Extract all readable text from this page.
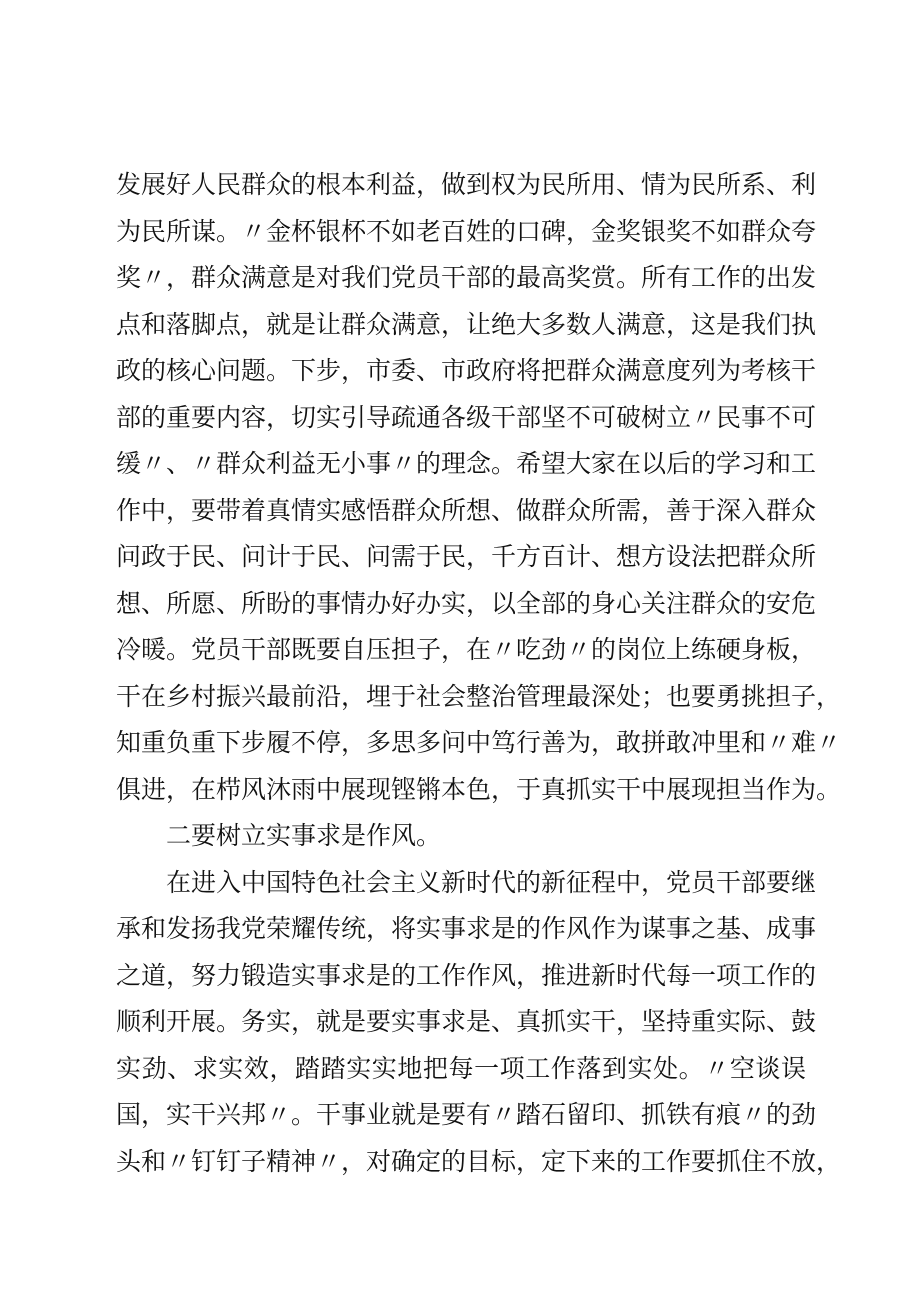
发展好人民群众的根本利益，做到权为民所用、情为民所系、利
为民所谋。〃金杯银杯不如老百姓的口碑，金奖银奖不如群众夸
奖〃，群众满意是对我们党员干部的最高奖赏。所有工作的出发
点和落脚点，就是让群众满意，让绝大多数人满意，这是我们执
政的核心问题。下步，市委、市政府将把群众满意度列为考核干
部的重要内容，切实引导疏通各级干部坚不可破树立〃民事不可
缓〃、〃群众利益无小事〃的理念。希望大家在以后的学习和工
作中，要带着真情实感悟群众所想、做群众所需，善于深入群众
问政于民、问计于民、问需于民，千方百计、想方设法把群众所
想、所愿、所盼的事情办好办实，以全部的身心关注群众的安危
冷暖。党员干部既要自压担子，在〃吃劲〃的岗位上练硬身板，
干在乡村振兴最前沿，埋于社会整治管理最深处；也要勇挑担子，
知重负重下步履不停，多思多问中笃行善为，敢拼敢冲里和〃难〃
俱进，在栉风沐雨中展现铿锵本色，于真抓实干中展现担当作为。
二要树立实事求是作风。
在进入中国特色社会主义新时代的新征程中，党员干部要继
承和发扬我党荣耀传统，将实事求是的作风作为谋事之基、成事
之道，努力锻造实事求是的工作作风，推进新时代每一项工作的
顺利开展。务实，就是要实事求是、真抓实干，坚持重实际、鼓
实劲、求实效，踏踏实实地把每一项工作落到实处。〃空谈误
国，实干兴邦〃。干事业就是要有〃踏石留印、抓铁有痕〃的劲
头和〃钉钉子精神〃，对确定的目标，定下来的工作要抓住不放，
